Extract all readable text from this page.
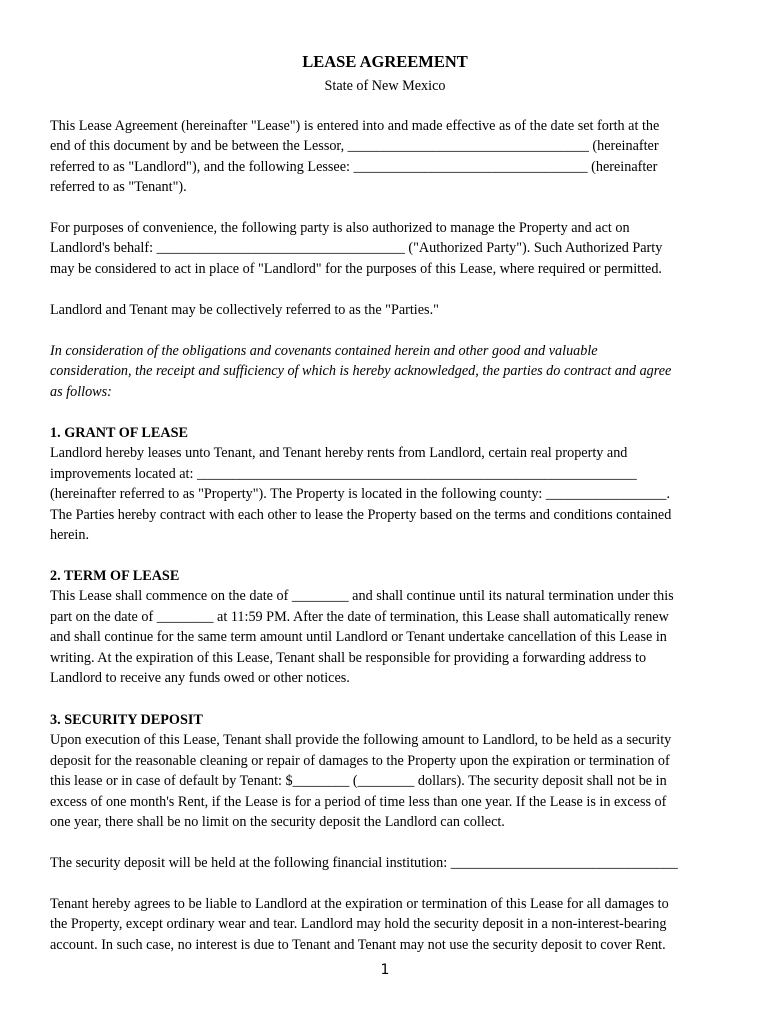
LEASE AGREEMENT
State of New Mexico
This Lease Agreement (hereinafter "Lease") is entered into and made effective as of the date set forth at the
end of this document by and be between the Lessor, __________________________________ (hereinafter
referred to as "Landlord"), and the following Lessee: _________________________________ (hereinafter
referred to as "Tenant").
For purposes of convenience, the following party is also authorized to manage the Property and act on
Landlord's behalf: ___________________________________ ("Authorized Party"). Such Authorized Party
may be considered to act in place of "Landlord" for the purposes of this Lease, where required or permitted.
Landlord and Tenant may be collectively referred to as the "Parties."
In consideration of the obligations and covenants contained herein and other good and valuable
consideration, the receipt and sufficiency of which is hereby acknowledged, the parties do contract and agree
as follows:
1. GRANT OF LEASE
Landlord hereby leases unto Tenant, and Tenant hereby rents from Landlord, certain real property and
improvements located at: ______________________________________________________________
(hereinafter referred to as "Property"). The Property is located in the following county: _________________.
The Parties hereby contract with each other to lease the Property based on the terms and conditions contained
herein.
2. TERM OF LEASE
This Lease shall commence on the date of ________ and shall continue until its natural termination under this
part on the date of ________ at 11:59 PM. After the date of termination, this Lease shall automatically renew
and shall continue for the same term amount until Landlord or Tenant undertake cancellation of this Lease in
writing. At the expiration of this Lease, Tenant shall be responsible for providing a forwarding address to
Landlord to receive any funds owed or other notices.
3. SECURITY DEPOSIT
Upon execution of this Lease, Tenant shall provide the following amount to Landlord, to be held as a security
deposit for the reasonable cleaning or repair of damages to the Property upon the expiration or termination of
this lease or in case of default by Tenant: $________ (________ dollars). The security deposit shall not be in
excess of one month's Rent, if the Lease is for a period of time less than one year. If the Lease is in excess of
one year, there shall be no limit on the security deposit the Landlord can collect.
The security deposit will be held at the following financial institution: ________________________________
Tenant hereby agrees to be liable to Landlord at the expiration or termination of this Lease for all damages to
the Property, except ordinary wear and tear. Landlord may hold the security deposit in a non-interest-bearing
account. In such case, no interest is due to Tenant and Tenant may not use the security deposit to cover Rent.
1
